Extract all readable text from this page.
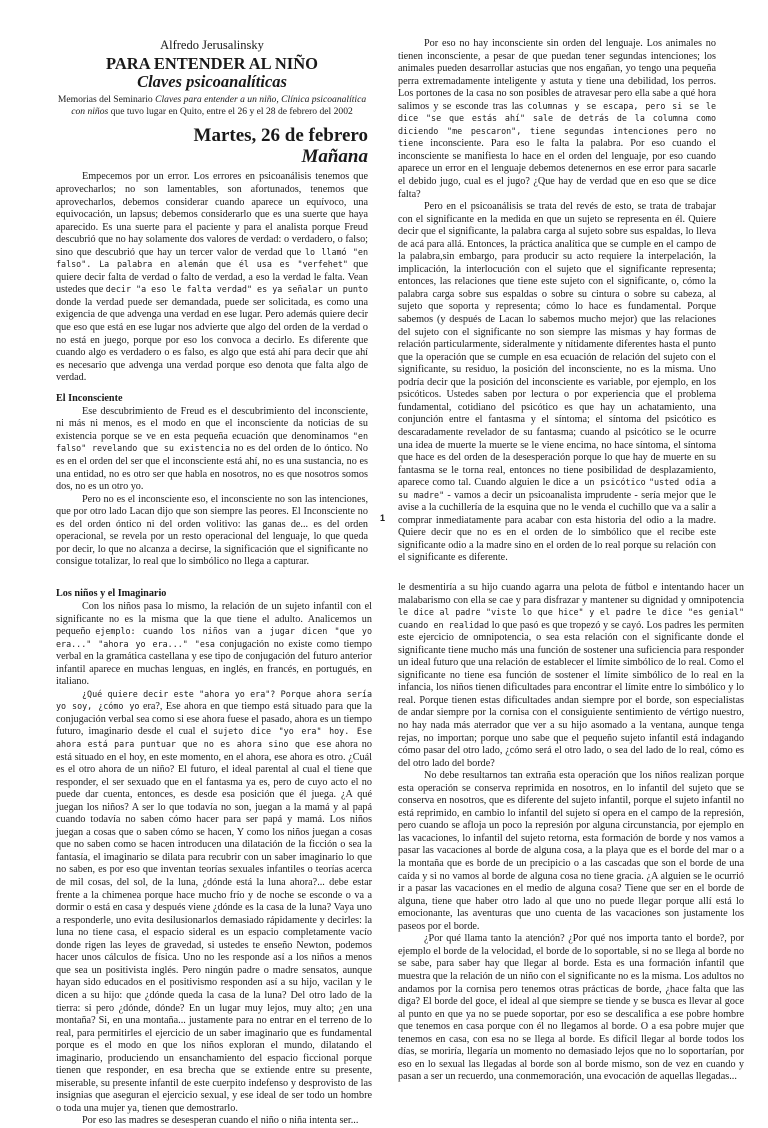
Alfredo Jerusalinsky

PARA ENTENDER AL NIÑO

Claves psicoanalíticas

Memorias del Seminario Claves para entender a un niño, Clínica psicoanalítica con niños que tuvo lugar en Quito, entre el 26 y el 28 de febrero del 2002

Martes, 26 de febrero

Mañana

Empecemos por un error. Los errores en psicoanálisis tenemos que aprovecharlos; no son lamentables, son afortunados, tenemos que aprovecharlos, debemos considerar cuando aparece un equívoco, una equivocación, un lapsus; debemos considerarlo que es una suerte que haya aparecido. Es una suerte para el paciente y para el analista porque Freud descubrió que no hay solamente dos valores de verdad: o verdadero, o falso; sino que descubrió que hay un tercer valor de verdad que lo llamó "en falso". La palabra en alemán que él usa es "verfehet" que quiere decir falta de verdad o falto de verdad, a eso la verdad le falta. Vean ustedes que decir "a eso le falta verdad" es ya señalar un punto donde la verdad puede ser demandada, puede ser solicitada, es como una exigencia de que advenga una verdad en ese lugar. Pero además quiere decir que eso que está en ese lugar nos advierte que algo del orden de la verdad o no está en juego, porque por eso los convoca a decirlo. Es diferente que cuando algo es verdadero o es falso, es algo que está ahí para decir que ahí es necesario que advenga una verdad porque eso denota que falta algo de verdad.

El Inconsciente

Ese descubrimiento de Freud es el descubrimiento del inconsciente, ni más ni menos, es el modo en que el inconsciente da noticias de su existencia porque se ve en esta pequeña ecuación que denominamos "en falso" revelando que su existencia no es del orden de lo óntico. No es en el orden del ser que el inconsciente está ahí, no es una sustancia, no es una entidad, no es otro ser que habla en nosotros, no es que nosotros somos dos, no es un otro yo.

Pero no es el inconsciente eso, el inconsciente no son las intenciones, que por otro lado Lacan dijo que son siempre las peores. El Inconsciente no es del orden óntico ni del orden volitivo: las ganas de... es del orden operacional, se revela por un resto operacional del lenguaje, lo que queda por decir, lo que no alcanza a decirse, la significación que el significante no consigue totalizar, lo real que lo simbólico no llega a capturar.

Por eso no hay inconsciente sin orden del lenguaje. Los animales no tienen inconsciente, a pesar de que puedan tener segundas intenciones; los animales pueden desarrollar astucias que nos engañan, yo tengo una pequeña perra extremadamente inteligente y astuta y tiene una debilidad, los perros. Los portones de la casa no son posibles de atravesar pero ella sabe a qué hora salimos y se esconde tras las columnas y se escapa, pero si se le dice "se que estás ahí" sale de detrás de la columna como diciendo "me pescaron", tiene segundas intenciones pero no tiene inconsciente. Para eso le falta la palabra. Por eso cuando el inconsciente se manifiesta lo hace en el orden del lenguaje, por eso cuando aparece un error en el lenguaje debemos detenernos en ese error para sacarle el debido jugo, cual es el jugo? ¿Que hay de verdad que en eso que se dice falta?

Pero en el psicoanálisis se trata del revés de esto, se trata de trabajar con el significante en la medida en que un sujeto se representa en él. Quiere decir que el significante, la palabra carga al sujeto sobre sus espaldas, lo lleva de acá para allá. Entonces, la práctica analítica que se cumple en el campo de la palabra,sin embargo, para producir su acto requiere la interpelación, la implicación, la interlocución con el sujeto que el significante representa; entonces, las relaciones que tiene este sujeto con el significante, o, cómo la palabra carga sobre sus espaldas o sobre su cintura o sobre su cabeza, al sujeto que soporta y representa; cómo lo hace es fundamental. Porque sabemos (y después de Lacan lo sabemos mucho mejor) que las relaciones del sujeto con el significante no son siempre las mismas y hay formas de relación particularmente, sideralmente y nítidamente diferentes hasta el punto que la operación que se cumple en esa ecuación de relación del sujeto con el significante, su residuo, la posición del inconsciente, no es la misma. Uno podría decir que la posición del inconsciente es variable, por ejemplo, en los psicóticos. Ustedes saben por lectura o por experiencia que el problema fundamental, cotidiano del psicótico es que hay un achatamiento, una conjunción entre el fantasma y el síntoma; el síntoma del psicótico es descaradamente revelador de su fantasma; cuando al psicótico se le ocurre una idea de muerte la muerte se le viene encima, no hace síntoma, el síntoma que hace es del orden de la desesperación porque lo que hay de muerte en su fantasma se le torna real, entonces no tiene posibilidad de desplazamiento, aparece como tal. Cuando alguien le dice a un psicótico "usted odia a su madre" - vamos a decir un psicoanalista imprudente - sería mejor que le avise a la cuchillería de la esquina que no le venda el cuchillo que va a salir a comprar inmediatamente para acabar con esta historia del odio a la madre. Quiere decir que no es en el orden de lo simbólico que el recibe este significante odio a la madre sino en el orden de lo real porque su relación con el significante es diferente.

1

Los niños y el Imaginario

Con los niños pasa lo mismo, la relación de un sujeto infantil con el significante no es la misma que la que tiene el adulto. Analicemos un pequeño ejemplo: cuando los niños van a jugar dicen "que yo era..." "ahora yo era..." "esa conjugación no existe como tiempo verbal en la gramática castellana y ese tipo de conjugación del futuro anterior infantil aparece en muchas lenguas, en inglés, en francés, en portugués, en italiano.

¿Qué quiere decir este "ahora yo era"? Porque ahora sería yo soy, ¿cómo yo era?, Ese ahora en que tiempo está situado para que la conjugación verbal sea como si ese ahora fuese el pasado, ahora es un tiempo futuro, imaginario desde el cual el sujeto dice "yo era" hoy. Ese ahora está para puntuar que no es ahora sino que ese ahora no está situado en el hoy, en este momento, en el ahora, ese ahora es otro. ¿Cuál es el otro ahora de un niño? El futuro, el ideal parental al cual el tiene que responder, el ser sexuado que en el fantasma ya es, pero de cuyo acto el no puede dar cuenta, entonces, es desde esa posición que él juega. ¿A qué juegan los niños? A ser lo que todavía no son, juegan a la mamá y al papá cuando todavía no saben cómo hacer para ser papá y mamá. Los niños juegan a cosas que o saben cómo se hacen, Y como los niños juegan a cosas que no saben como se hacen introducen una dilatación de la ficción o sea la fantasía, el imaginario se dilata para recubrir con un saber imaginario lo que no saben, es por eso que inventan teorías sexuales infantiles o teorías acerca de mil cosas, del sol, de la luna, ¿dónde está la luna ahora?... debe estar frente a la chimenea porque hace mucho frío y de noche se esconde o va a dormir o está en casa y después viene ¿dónde es la casa de la luna? Vaya uno a responderle, uno evita desilusionarlos demasiado rápidamente y decirles: la luna no tiene casa, el espacio sideral es un espacio completamente vacío donde rigen las leyes de gravedad, si ustedes te enseño Newton, podemos hacer unos cálculos de física. Uno no les responde así a los niños a menos que sea un positivista inglés. Pero ningún padre o madre sensatos, aunque hayan sido educados en el positivismo responden así a su hijo, vacilan y le dicen a su hijo: que ¿dónde queda la casa de la luna? Del otro lado de la tierra: si pero ¿dónde, dónde? En un lugar muy lejos, muy alto; ¿en una montaña? Si, en una montaña... justamente para no entrar en el terreno de lo real, para permitirles el ejercicio de un saber imaginario que es fundamental porque es el modo en que los niños exploran el mundo, dilatando el imaginario, produciendo un ensanchamiento del espacio ficcional porque tienen que responder, en esa brecha que se extiende entre su presente, miserable, su presente infantil de este cuerpito indefenso y desprovisto de las insignias que aseguran el ejercicio sexual, y ese ideal de ser todo un hombre o toda una mujer ya, tienen que demostrarlo.

Por eso las madres se desesperan cuando el niño o niña intenta ser...

le desmentiría a su hijo cuando agarra una pelota de fútbol e intentando hacer un malabarismo con ella se cae y para disfrazar y mantener su dignidad y omnipotencia le dice al padre "viste lo que hice" y el padre le dice "es genial" cuando en realidad lo que pasó es que tropezó y se cayó. Los padres les permiten este ejercicio de omnipotencia, o sea esta relación con el significante donde el significante tiene mucho más una función de sostener una suficiencia para responder un ideal futuro que una relación de establecer el límite simbólico de lo real. Como el significante no tiene esa función de sostener el límite simbólico de lo real en la infancia, los niños tienen dificultades para encontrar el límite entre lo simbólico y lo real. Porque tienen estas dificultades andan siempre por el borde, son especialistas de andar siempre por la cornisa con el consiguiente sentimiento de vértigo nuestro, no hay nada más aterrador que ver a su hijo asomado a la ventana, aunque tenga rejas, no importan; porque uno sabe que el pequeño sujeto infantil está indagando cómo pasar del otro lado, ¿cómo será el otro lado, o sea del lado de lo real, cómo es del otro lado del borde?

No debe resultarnos tan extraña esta operación que los niños realizan porque esta operación se conserva reprimida en nosotros, en lo infantil del sujeto que se conserva en nosotros, que es diferente del sujeto infantil, porque el sujeto infantil no está reprimido, en cambio lo infantil del sujeto sí opera en el campo de la represión, pero cuando se afloja un poco la represión por alguna circunstancia, por ejemplo en las vacaciones, lo infantil del sujeto retorna, esta formación de borde y nos vamos a pasar las vacaciones al borde de alguna cosa, a la playa que es el borde del mar o a la montaña que es borde de un precipicio o a las cascadas que son el borde de una caída y si no vamos al borde de alguna cosa no tiene gracia. ¿A alguien se le ocurrió ir a pasar las vacaciones en el medio de alguna cosa? Tiene que ser en el borde de alguna, tiene que haber otro lado al que uno no puede llegar porque allí está lo emocionante, las aventuras que uno cuenta de las vacaciones son justamente los paseos por el borde.

¿Por qué llama tanto la atención? ¿Por qué nos importa tanto el borde?, por ejemplo el borde de la velocidad, el borde de lo soportable, si no se llega al borde no se sabe, para saber hay que llegar al borde. Esta es una formación infantil que muestra que la relación de un niño con el significante no es la misma. Los adultos no andamos por la cornisa pero tenemos otras prácticas de borde, ¿hace falta que las diga? El borde del goce, el ideal al que siempre se tiende y se busca es llevar al goce al punto en que ya no se puede soportar, por eso se descalifica a ese pobre hombre que tenemos en casa porque con él no llegamos al borde. O a esa pobre mujer que tenemos en casa, con esa no se llega al borde. Es difícil llegar al borde todos los días, se moriría, llegaría un momento no demasiado lejos que no lo soportarían, por eso en lo sexual las llegadas al borde son al borde mismo, son de vez en cuando y pasan a ser un recuerdo, una conmemoración, una evocación de aquellas llegadas...
